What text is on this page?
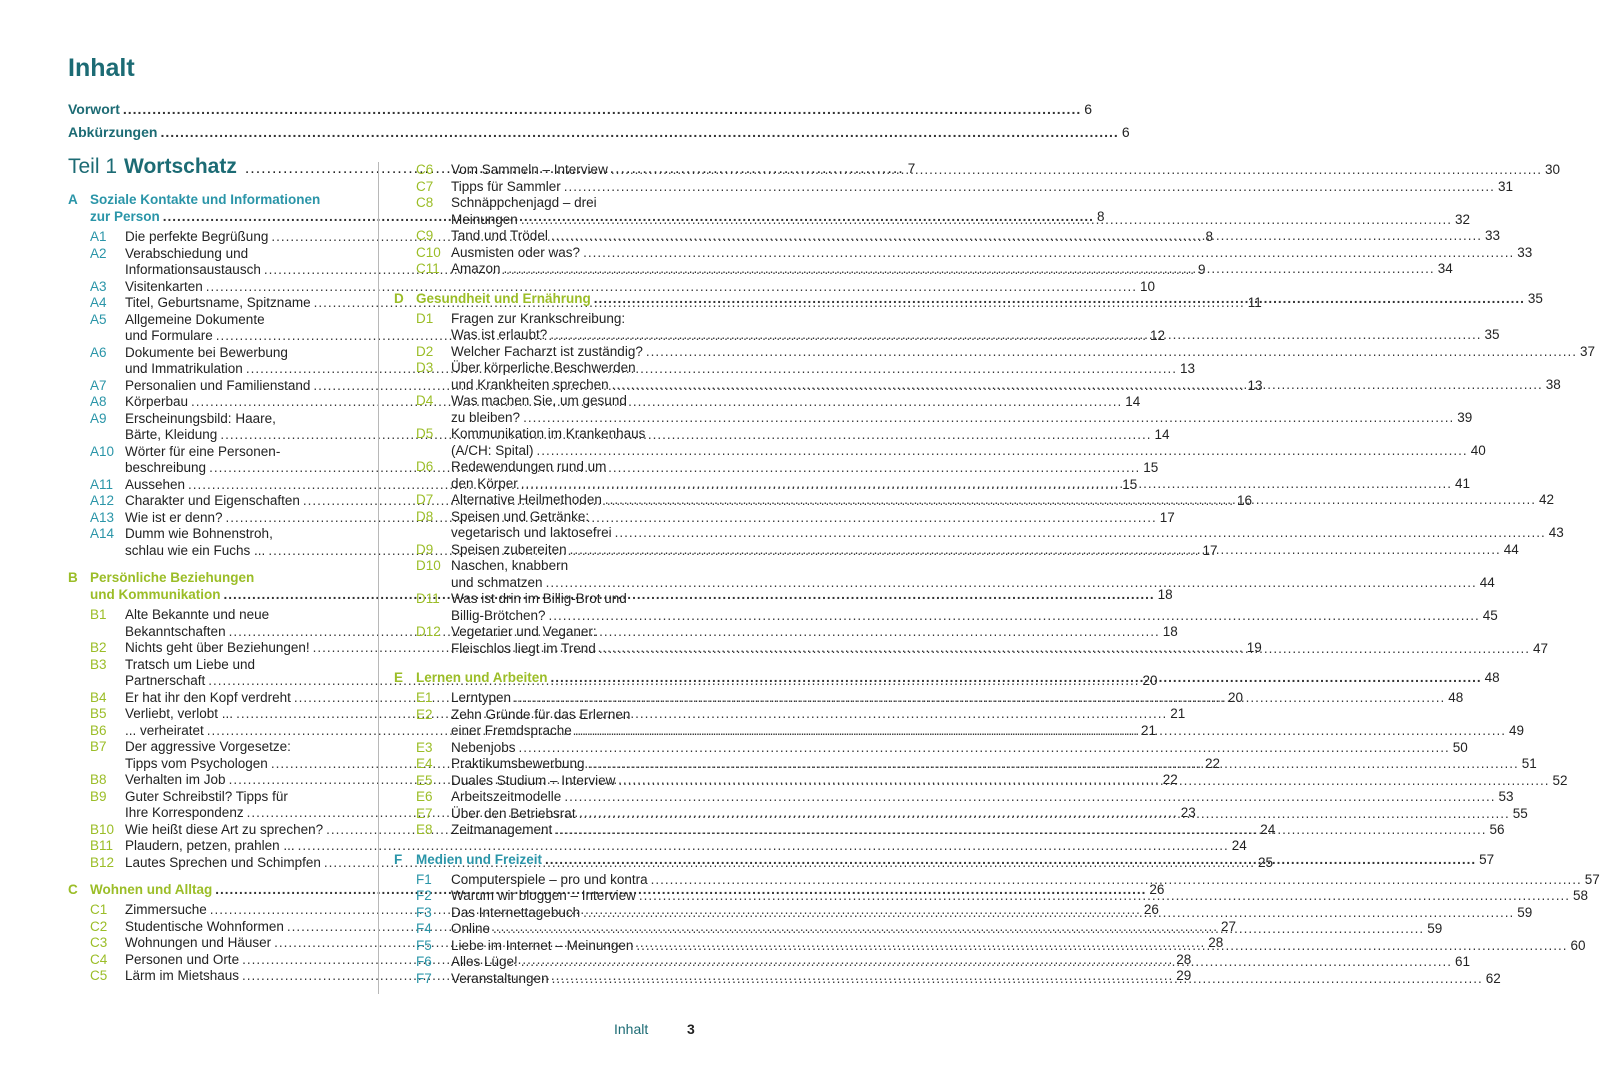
Inhalt
Vorwort .....	6
Abkürzungen .....	6
Teil 1 Wortschatz .....	7
A Soziale Kontakte und Informationen
zur Person .....	8
A1	Die perfekte Begrüßung .....	8
A2	Verabschiedung und
Informationsaustausch .....	9
A3	Visitenkarten .....	10
A4	Titel, Geburtsname, Spitzname .....	11
A5	Allgemeine Dokumente
und Formulare .....	12
A6	Dokumente bei Bewerbung
und Immatrikulation .....	13
A7	Personalien und Familienstand .....	13
A8	Körperbau .....	14
A9	Erscheinungsbild: Haare,
Bärte, Kleidung .....	14
A10 Wörter für eine Personen-
beschreibung .....	15
A11 Aussehen .....	15
A12 Charakter und Eigenschaften .....	16
A13 Wie ist er denn? .....	17
A14 Dumm wie Bohnenstroh,
schlau wie ein Fuchs ... .....	17
B Persönliche Beziehungen
und Kommunikation .....	18
B1	Alte Bekannte und neue
Bekanntschaften .....	18
B2	Nichts geht über Beziehungen! .....	19
B3	Tratsch um Liebe und
Partnerschaft .....	20
B4	Er hat ihr den Kopf verdreht .....	20
B5	Verliebt, verlobt ... .....	21
B6	... verheiratet .....	21
B7	Der aggressive Vorgesetze:
Tipps vom Psychologen .....	22
B8	Verhalten im Job .....	22
B9	Guter Schreibstil? Tipps für
Ihre Korrespondenz .....	23
B10 Wie heißt diese Art zu sprechen? .....	24
B11 Plaudern, petzen, prahlen ... .....	24
B12 Lautes Sprechen und Schimpfen .....	25
C Wohnen und Alltag .....	26
C1	Zimmersuche .....	26
C2	Studentische Wohnformen .....	27
C3	Wohnungen und Häuser .....	28
C4	Personen und Orte .....	28
C5	Lärm im Mietshaus .....	29
C6	Vom Sammeln – Interview .....	30
C7	Tipps für Sammler .....	31
C8	Schnäppchenjagd – drei
Meinungen .....	32
C9	Tand und Trödel .....	33
C10 Ausmisten oder was? .....	33
C11 Amazon .....	34
D Gesundheit und Ernährung .....	35
D1	Fragen zur Krankschreibung:
Was ist erlaubt? .....	35
D2	Welcher Facharzt ist zuständig? .....	37
D3	Über körperliche Beschwerden
und Krankheiten sprechen .....	38
D4	Was machen Sie, um gesund
zu bleiben? .....	39
D5	Kommunikation im Krankenhaus
(A/CH: Spital) .....	40
D6	Redewendungen rund um
den Körper .....	41
D7	Alternative Heilmethoden .....	42
D8	Speisen und Getränke:
vegetarisch und laktosefrei .....	43
D9	Speisen zubereiten .....	44
D10 Naschen, knabbern
und schmatzen .....	44
D11 Was ist drin im Billig-Brot und
Billig-Brötchen? .....	45
D12 Vegetarier und Veganer:
Fleischlos liegt im Trend .....	47
E Lernen und Arbeiten .....	48
E1	Lerntypen .....	48
E2	Zehn Gründe für das Erlernen
einer Fremdsprache .....	49
E3	Nebenjobs .....	50
E4	Praktikumsbewerbung .....	51
E5	Duales Studium – Interview .....	52
E6	Arbeitszeitmodelle .....	53
E7	Über den Betriebsrat .....	55
E8	Zeitmanagement .....	56
F	Medien und Freizeit .....	57
F1	Computerspiele – pro und kontra .....	57
F2	Warum wir bloggen – Interview .....	58
F3	Das Internettagebuch .....	59
F4	Online .....	59
F5	Liebe im Internet – Meinungen .....	60
F6	Alles Lüge! .....	61
F7	Veranstaltungen .....	62
Inhalt	3
